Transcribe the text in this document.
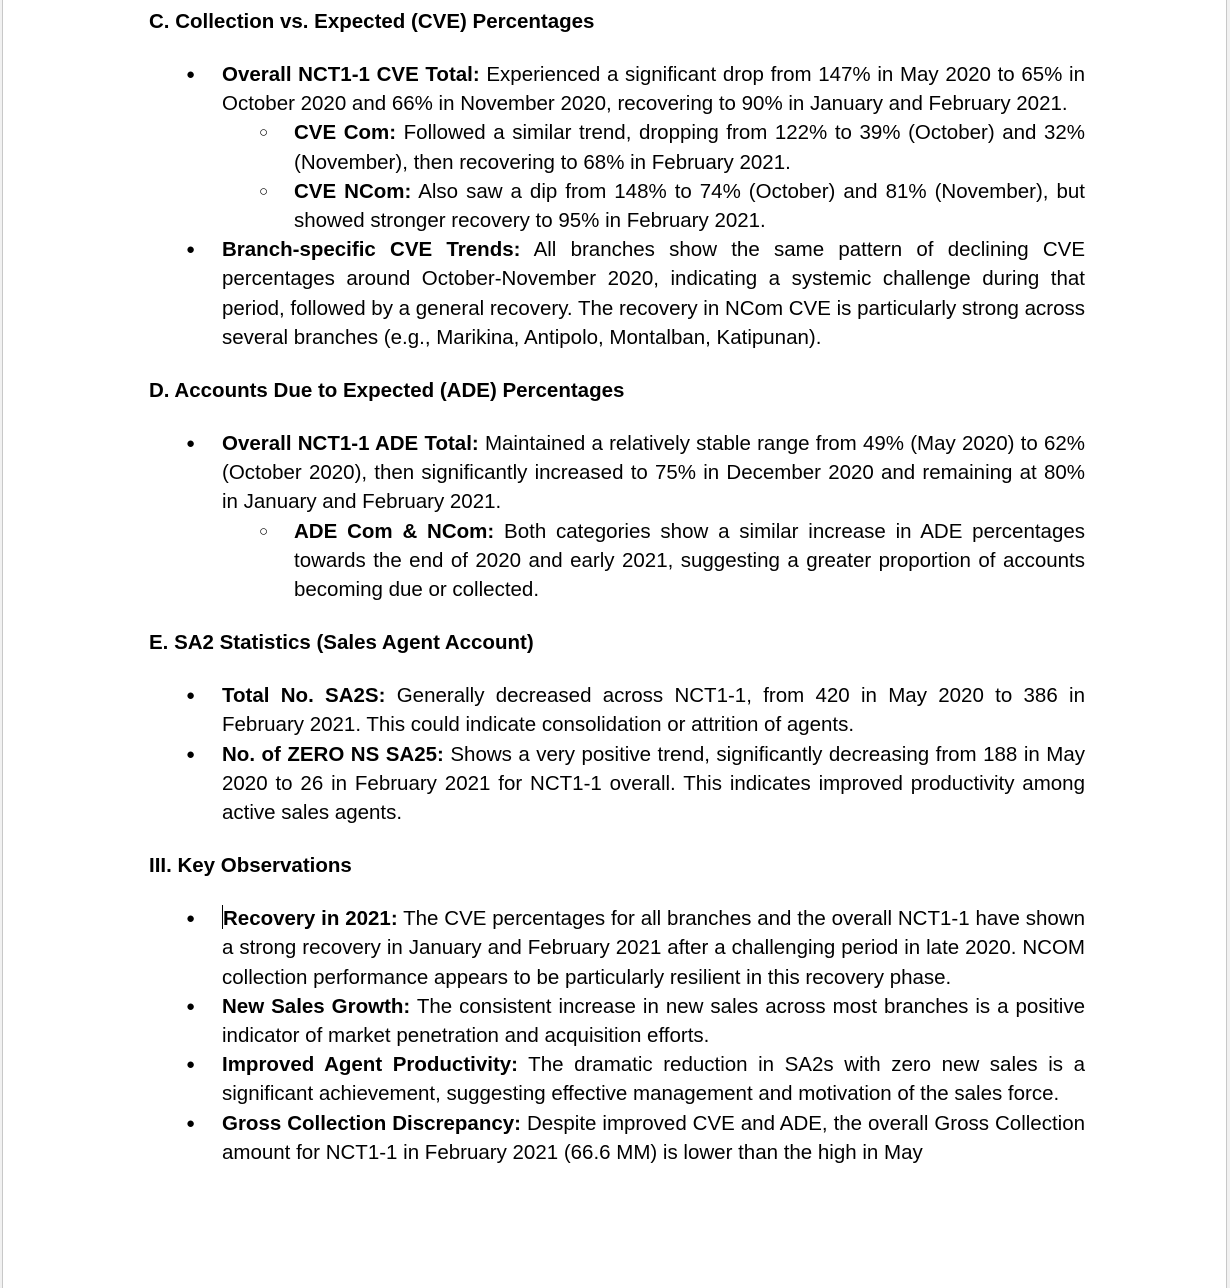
C. Collection vs. Expected (CVE) Percentages
● Overall NCT1-1 CVE Total: Experienced a significant drop from 147% in May 2020 to 65% in October 2020 and 66% in November 2020, recovering to 90% in January and February 2021.
○ CVE Com: Followed a similar trend, dropping from 122% to 39% (October) and 32% (November), then recovering to 68% in February 2021.
○ CVE NCom: Also saw a dip from 148% to 74% (October) and 81% (November), but showed stronger recovery to 95% in February 2021.
● Branch-specific CVE Trends: All branches show the same pattern of declining CVE percentages around October-November 2020, indicating a systemic challenge during that period, followed by a general recovery. The recovery in NCom CVE is particularly strong across several branches (e.g., Marikina, Antipolo, Montalban, Katipunan).
D. Accounts Due to Expected (ADE) Percentages
● Overall NCT1-1 ADE Total: Maintained a relatively stable range from 49% (May 2020) to 62% (October 2020), then significantly increased to 75% in December 2020 and remaining at 80% in January and February 2021.
○ ADE Com & NCom: Both categories show a similar increase in ADE percentages towards the end of 2020 and early 2021, suggesting a greater proportion of accounts becoming due or collected.
E. SA2 Statistics (Sales Agent Account)
● Total No. SA2S: Generally decreased across NCT1-1, from 420 in May 2020 to 386 in February 2021. This could indicate consolidation or attrition of agents.
● No. of ZERO NS SA25: Shows a very positive trend, significantly decreasing from 188 in May 2020 to 26 in February 2021 for NCT1-1 overall. This indicates improved productivity among active sales agents.
III. Key Observations
● Recovery in 2021: The CVE percentages for all branches and the overall NCT1-1 have shown a strong recovery in January and February 2021 after a challenging period in late 2020. NCOM collection performance appears to be particularly resilient in this recovery phase.
● New Sales Growth: The consistent increase in new sales across most branches is a positive indicator of market penetration and acquisition efforts.
● Improved Agent Productivity: The dramatic reduction in SA2s with zero new sales is a significant achievement, suggesting effective management and motivation of the sales force.
● Gross Collection Discrepancy: Despite improved CVE and ADE, the overall Gross Collection amount for NCT1-1 in February 2021 (66.6 MM) is lower than the high in May
